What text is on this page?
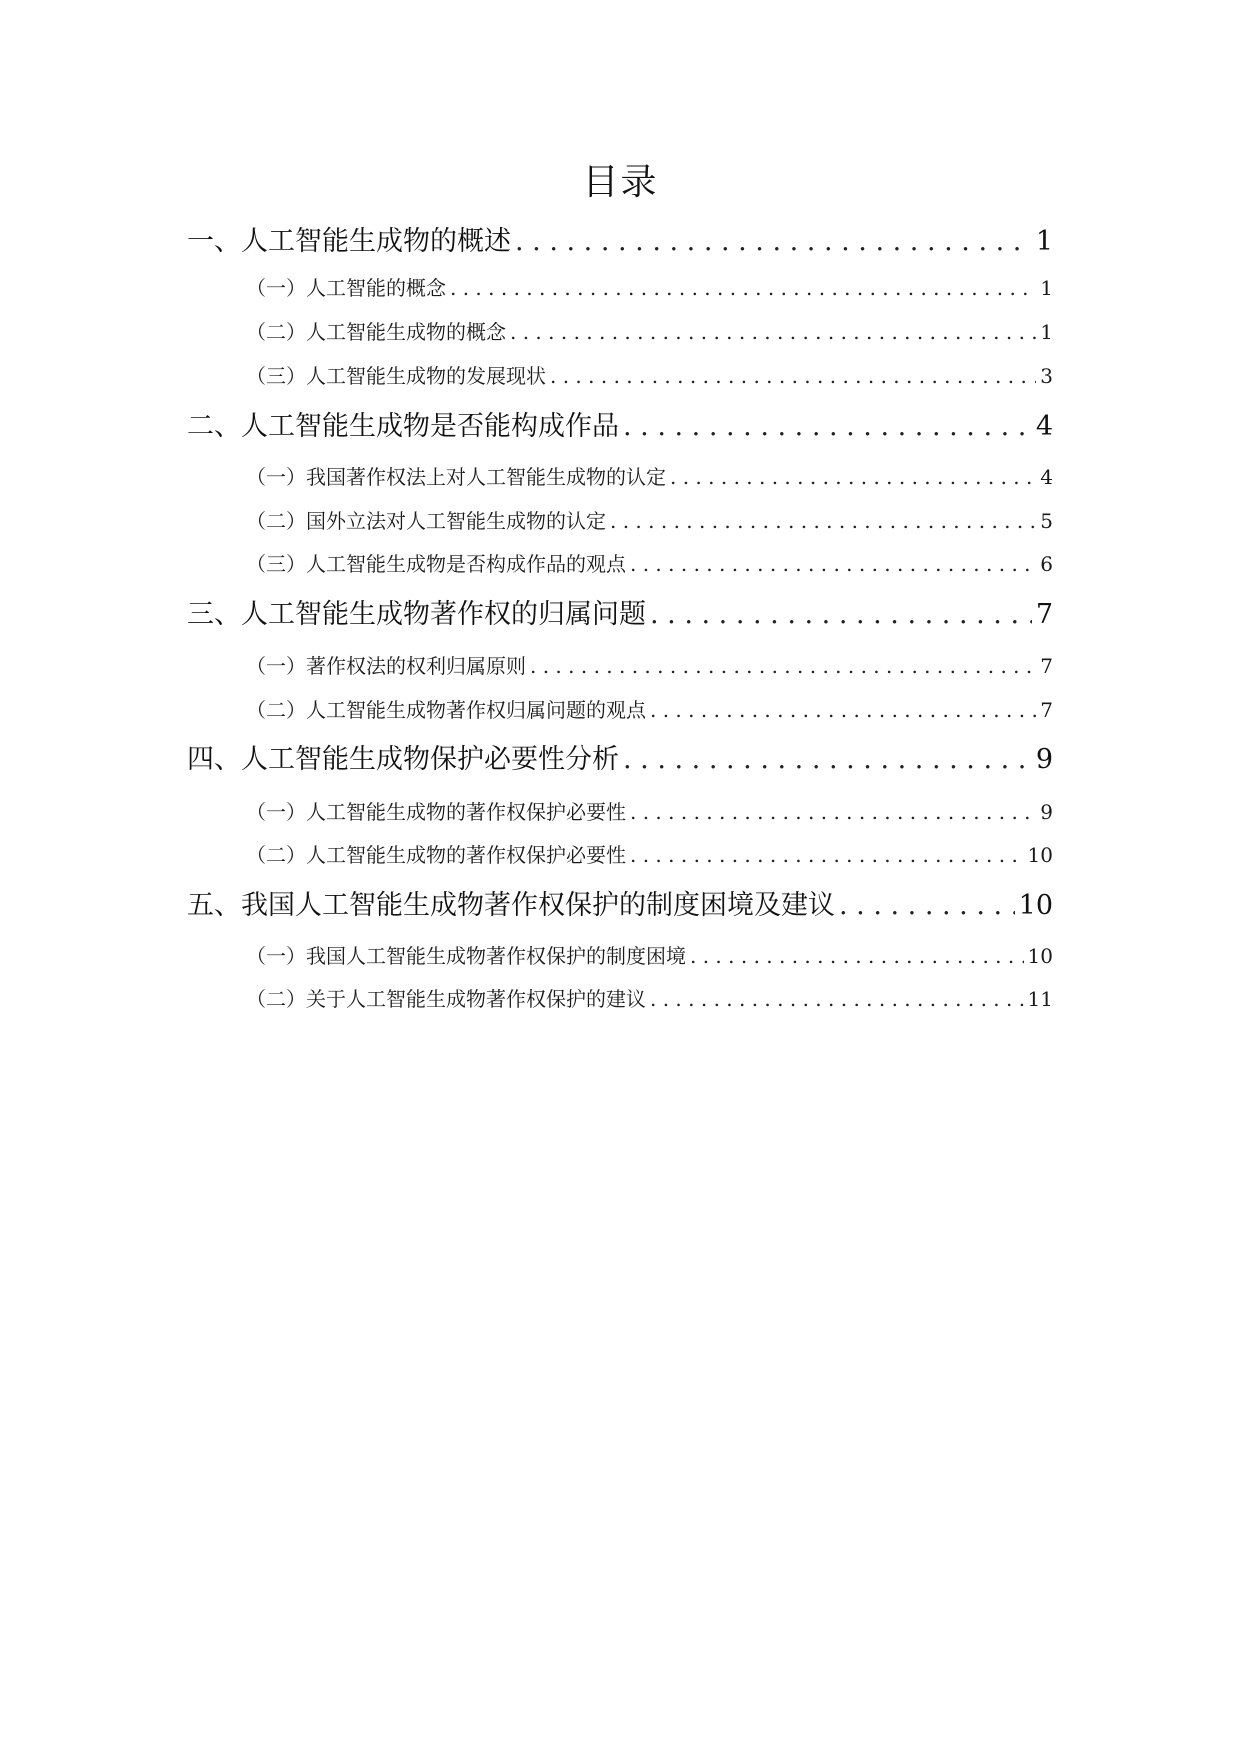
目录
一、人工智能生成物的概述 . . .	1
（一）人工智能的概念 . . .	1
（二）人工智能生成物的概念 . . .	1
（三）人工智能生成物的发展现状 . . .	3
二、人工智能生成物是否能构成作品 . . .	4
（一）我国著作权法上对人工智能生成物的认定 . . .	4
（二）国外立法对人工智能生成物的认定 . . .	5
（三）人工智能生成物是否构成作品的观点 . . .	6
三、人工智能生成物著作权的归属问题 . . .	7
（一）著作权法的权利归属原则 . . .	7
（二）人工智能生成物著作权归属问题的观点 . . .	7
四、人工智能生成物保护必要性分析 . . .	9
（一）人工智能生成物的著作权保护必要性 . . .	9
（二）人工智能生成物的著作权保护必要性 . . .	10
五、我国人工智能生成物著作权保护的制度困境及建议 . . .	10
（一）我国人工智能生成物著作权保护的制度困境 . . .	10
（二）关于人工智能生成物著作权保护的建议 . . .	11
